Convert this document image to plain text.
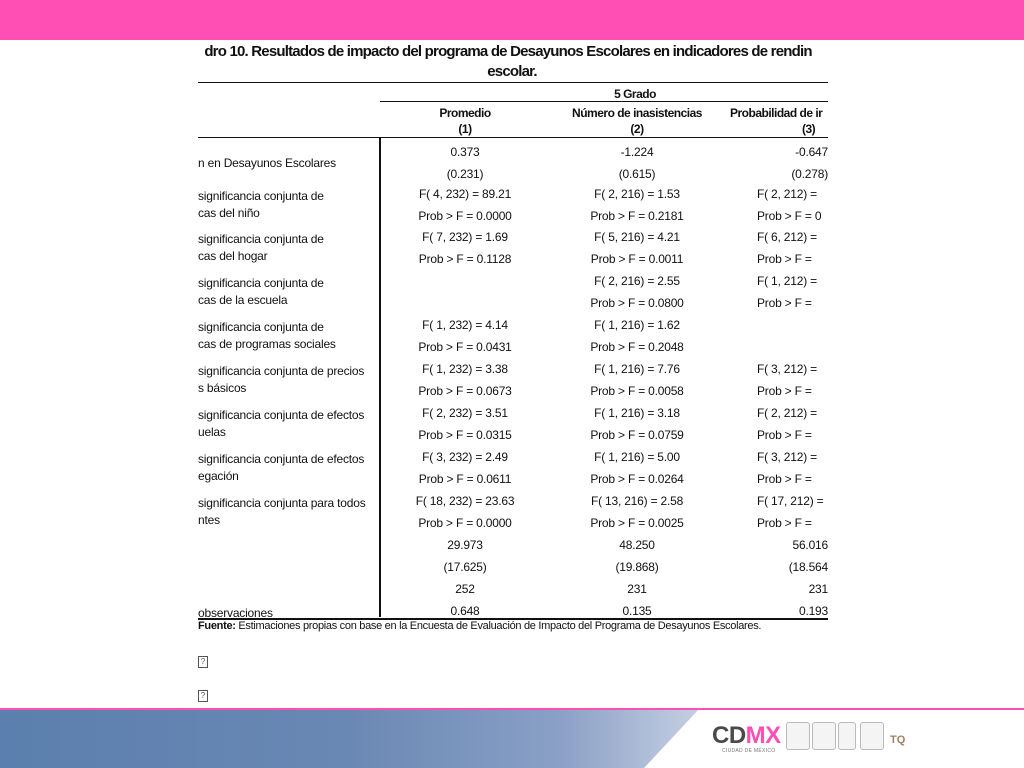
dro 10. Resultados de impacto del programa de Desayunos Escolares en indicadores de rendin
escolar.
5 Grado
Promedio
(1)
Número de inasistencias
(2)
Probabilidad de ir
(3)
n en Desayunos Escolares
0.373
(0.231)
-1.224
(0.615)
-0.647
(0.278)
significancia conjunta de
cas del niño
F( 4, 232) = 89.21
Prob > F = 0.0000
F( 2, 216) = 1.53
Prob > F = 0.2181
F( 2, 212) =
Prob > F = 0
significancia conjunta de
cas del hogar
F( 7, 232) = 1.69
Prob > F = 0.1128
F( 5, 216) = 4.21
Prob > F = 0.0011
F( 6, 212) =
Prob > F =
significancia conjunta de
cas de la escuela
F( 2, 216) = 2.55
Prob > F = 0.0800
F( 1, 212) =
Prob > F =
significancia conjunta de
cas de programas sociales
F( 1, 232) = 4.14
Prob > F = 0.0431
F( 1, 216) = 1.62
Prob > F = 0.2048
significancia conjunta de precios
s básicos
F( 1, 232) = 3.38
Prob > F = 0.0673
F( 1, 216) = 7.76
Prob > F = 0.0058
F( 3, 212) =
Prob > F =
significancia conjunta de efectos
uelas
F( 2, 232) = 3.51
Prob > F = 0.0315
F( 1, 216) = 3.18
Prob > F = 0.0759
F( 2, 212) =
Prob > F =
significancia conjunta de efectos
egación
F( 3, 232) = 2.49
Prob > F = 0.0611
F( 1, 216) = 5.00
Prob > F = 0.0264
F( 3, 212) =
Prob > F =
significancia conjunta para todos
ntes
F( 18, 232) = 23.63
Prob > F = 0.0000
F( 13, 216) = 2.58
Prob > F = 0.0025
F( 17, 212) =
Prob > F =
29.973
(17.625)
48.250
(19.868)
56.016
(18.564
observaciones
252
0.648
231
0.135
231
0.193
Fuente: Estimaciones propias con base en la Encuesta de Evaluación de Impacto del Programa de Desayunos Escolares.
?
?
CDMX
CIUDAD DE MÉXICO
TQ
